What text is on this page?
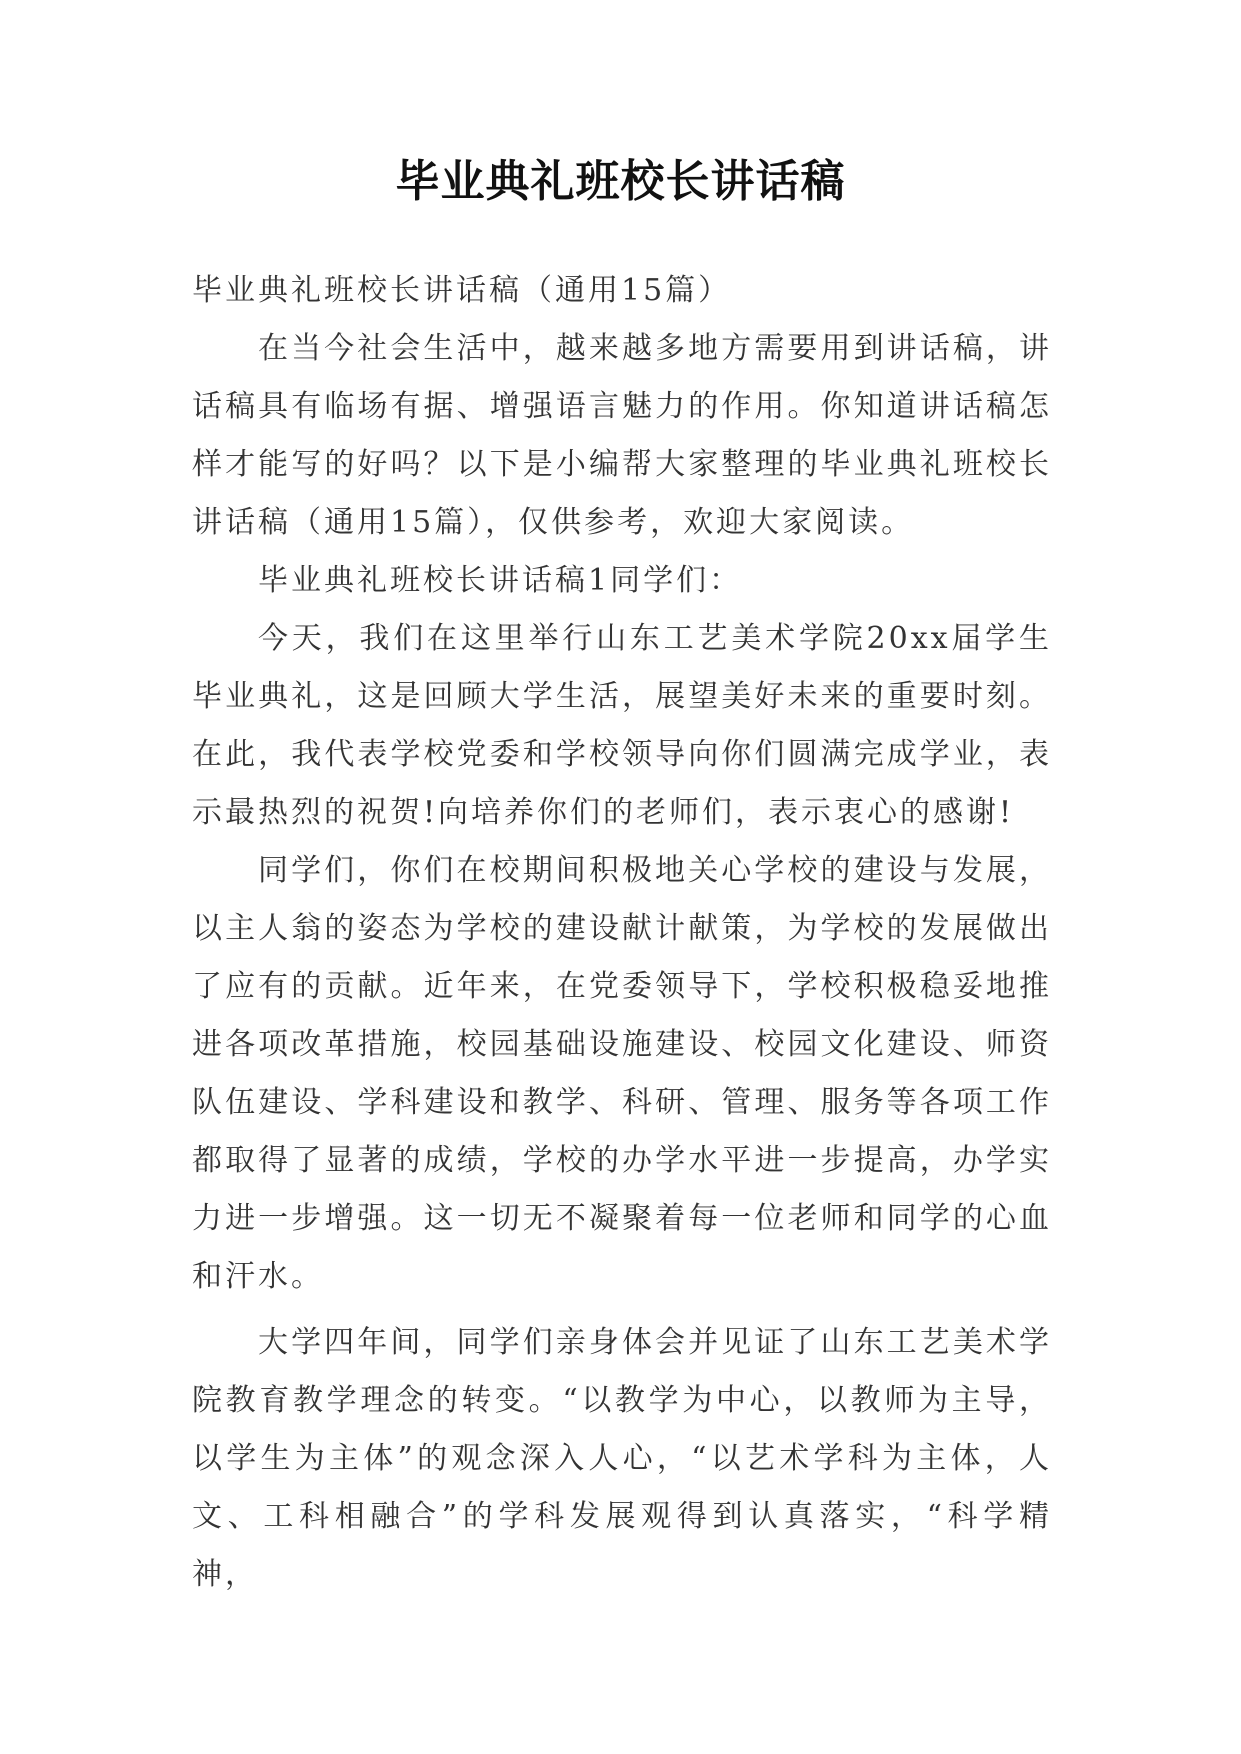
毕业典礼班校长讲话稿

毕业典礼班校长讲话稿（通用15篇）

在当今社会生活中，越来越多地方需要用到讲话稿，讲话稿具有临场有据、增强语言魅力的作用。你知道讲话稿怎样才能写的好吗？以下是小编帮大家整理的毕业典礼班校长讲话稿（通用15篇），仅供参考，欢迎大家阅读。

毕业典礼班校长讲话稿1同学们：

今天，我们在这里举行山东工艺美术学院20xx届学生毕业典礼，这是回顾大学生活，展望美好未来的重要时刻。在此，我代表学校党委和学校领导向你们圆满完成学业，表示最热烈的祝贺!向培养你们的老师们，表示衷心的感谢!

同学们，你们在校期间积极地关心学校的建设与发展，以主人翁的姿态为学校的建设献计献策，为学校的发展做出了应有的贡献。近年来，在党委领导下，学校积极稳妥地推进各项改革措施，校园基础设施建设、校园文化建设、师资队伍建设、学科建设和教学、科研、管理、服务等各项工作都取得了显著的成绩，学校的办学水平进一步提高，办学实力进一步增强。这一切无不凝聚着每一位老师和同学的心血和汗水。

大学四年间，同学们亲身体会并见证了山东工艺美术学院教育教学理念的转变。“以教学为中心，以教师为主导，以学生为主体”的观念深入人心，“以艺术学科为主体，人文、工科相融合”的学科发展观得到认真落实，“科学精神，
